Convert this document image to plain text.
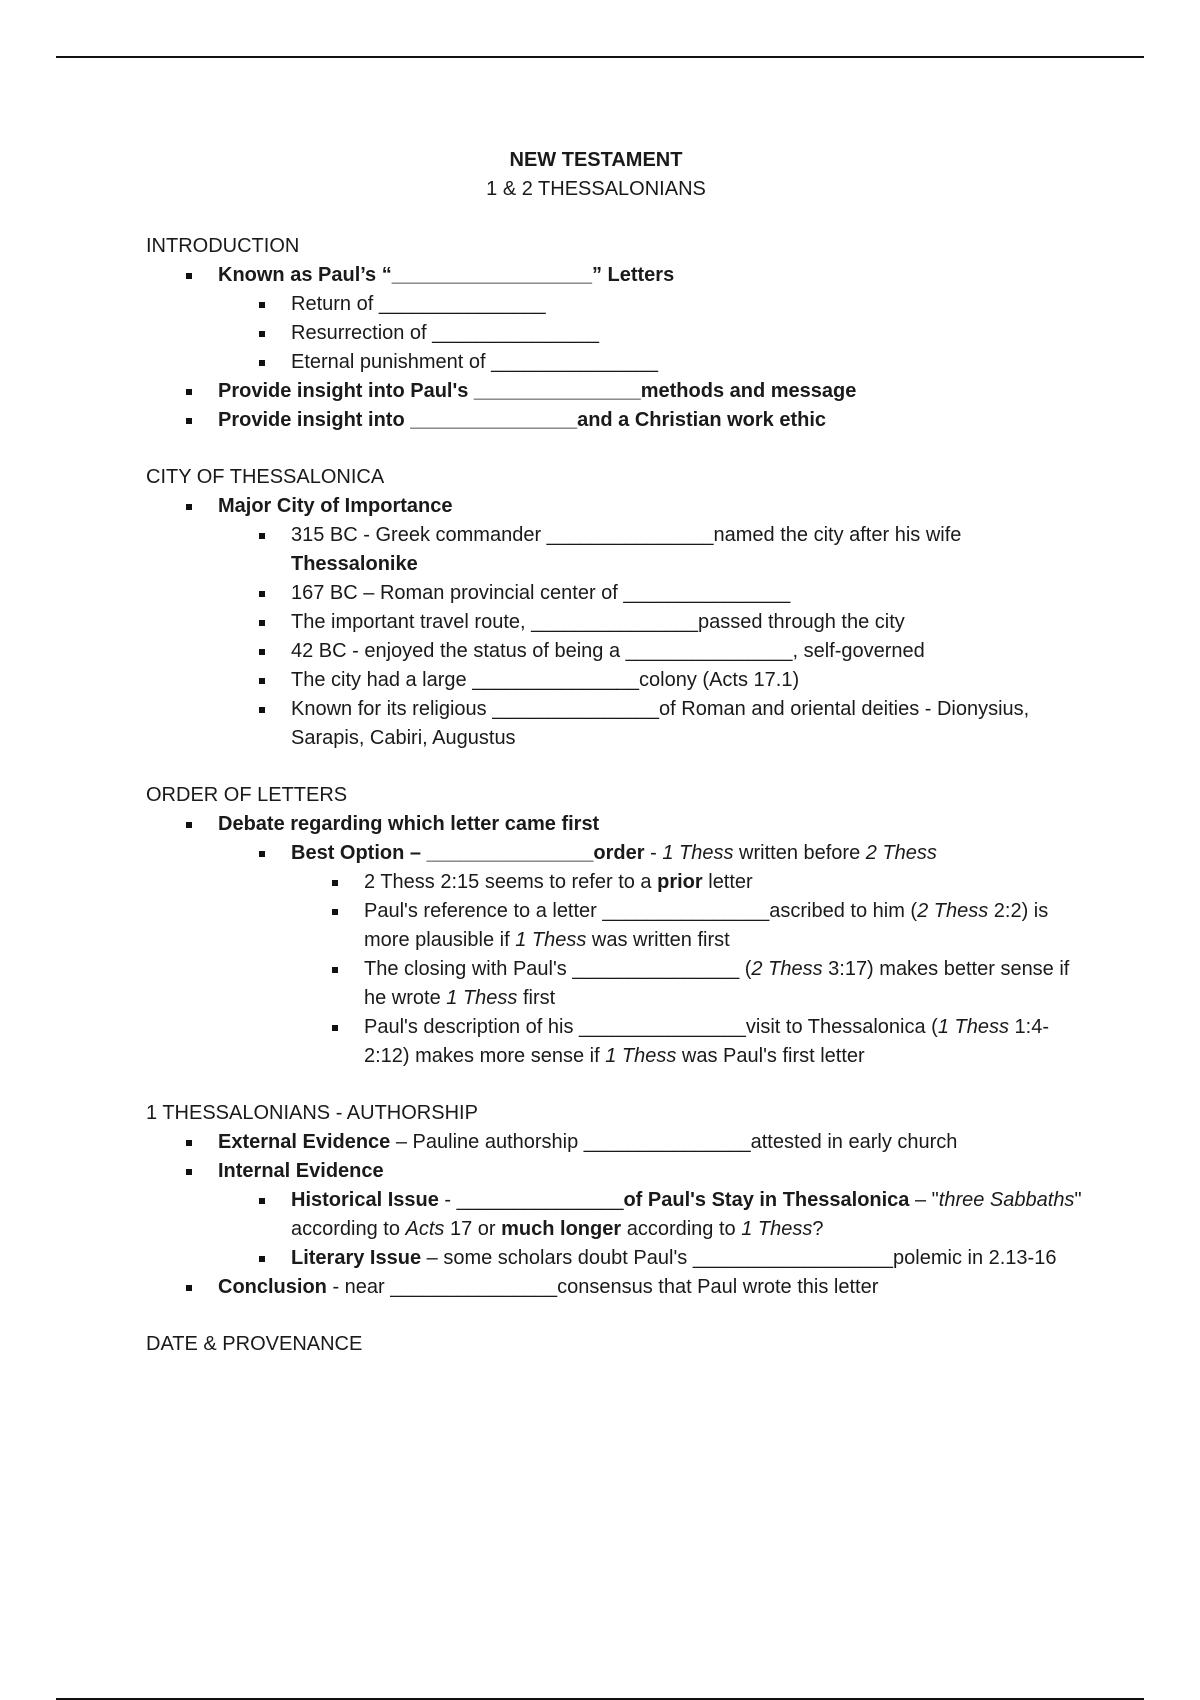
NEW TESTAMENT
1 & 2 THESSALONIANS
INTRODUCTION
Known as Paul’s “__________________” Letters
Return of _______________
Resurrection of _______________
Eternal punishment of _______________
Provide insight into Paul's _______________methods and message
Provide insight into _______________and a Christian work ethic
CITY OF THESSALONICA
Major City of Importance
315 BC - Greek commander _______________named the city after his wife Thessalonike
167 BC – Roman provincial center of _______________
The important travel route, _______________passed through the city
42 BC - enjoyed the status of being a _______________, self-governed
The city had a large _______________colony (Acts 17.1)
Known for its religious _______________of Roman and oriental deities - Dionysius, Sarapis, Cabiri, Augustus
ORDER OF LETTERS
Debate regarding which letter came first
Best Option – _______________order - 1 Thess written before 2 Thess
2 Thess 2:15 seems to refer to a prior letter
Paul's reference to a letter _______________ascribed to him (2 Thess 2:2) is more plausible if 1 Thess was written first
The closing with Paul's _______________ (2 Thess 3:17) makes better sense if he wrote 1 Thess first
Paul's description of his _______________visit to Thessalonica (1 Thess 1:4-2:12) makes more sense if 1 Thess was Paul's first letter
1 THESSALONIANS - AUTHORSHIP
External Evidence – Pauline authorship _______________attested in early church
Internal Evidence
Historical Issue - _______________of Paul's Stay in Thessalonica – "three Sabbaths" according to Acts 17 or much longer according to 1 Thess?
Literary Issue – some scholars doubt Paul's __________________polemic in 2.13-16
Conclusion - near _______________consensus that Paul wrote this letter
DATE & PROVENANCE
